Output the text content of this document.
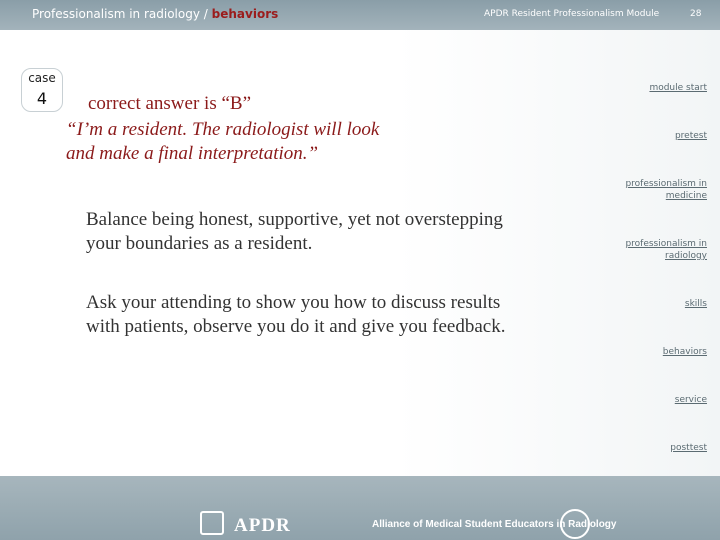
Professionalism in radiology / behaviors	APDR Resident Professionalism Module	28
case
4	correct answer is “B”
“I’m a resident. The radiologist will look
and make a final interpretation.”
Balance being honest, supportive, yet not overstepping your boundaries as a resident.
Ask your attending to show you how to discuss results with patients, observe you do it and give you feedback.
module start
pretest
professionalism in
medicine
professionalism in
radiology
skills
behaviors
service
posttest
APDR	Alliance of Medical Student Educators in Radiology
